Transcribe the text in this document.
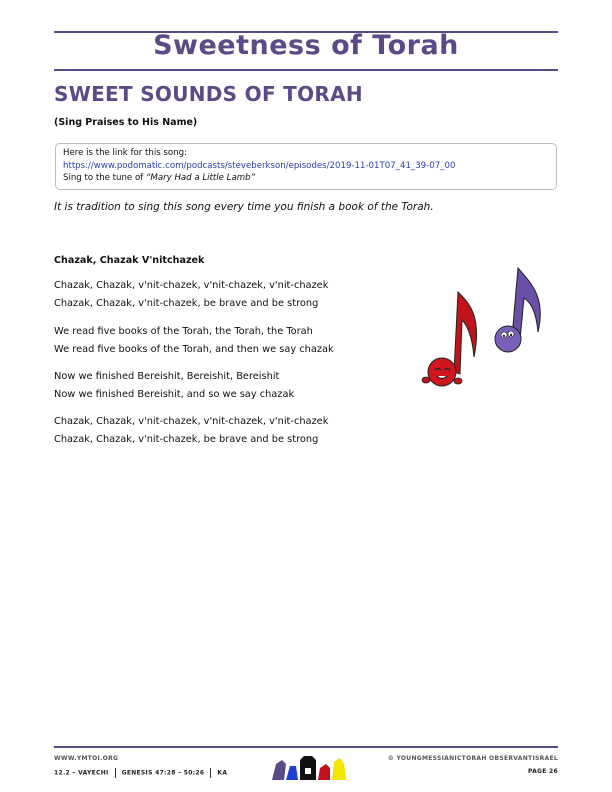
Sweetness of Torah
SWEET SOUNDS OF TORAH
(Sing Praises to His Name)
Here is the link for this song:
https://www.podomatic.com/podcasts/steveberkson/episodes/2019-11-01T07_41_39-07_00
Sing to the tune of “Mary Had a Little Lamb”
It is tradition to sing this song every time you finish a book of the Torah.
Chazak, Chazak V'nitchazek
Chazak, Chazak, v'nit-chazek, v'nit-chazek, v'nit-chazek
Chazak, Chazak, v'nit-chazek, be brave and be strong
We read five books of the Torah, the Torah, the Torah
We read five books of the Torah, and then we say chazak
Now we finished Bereishit, Bereishit, Bereishit
Now we finished Bereishit, and so we say chazak
Chazak, Chazak, v'nit-chazek, v'nit-chazek, v'nit-chazek
Chazak, Chazak, v'nit-chazek, be brave and be strong
WWW.YMTOI.ORG
12.2 – VAYECHI GENESIS 47:28 – 50:26 KA
© YOUNGMESSIANICTORAH OBSERVANTISRAEL
PAGE 26
